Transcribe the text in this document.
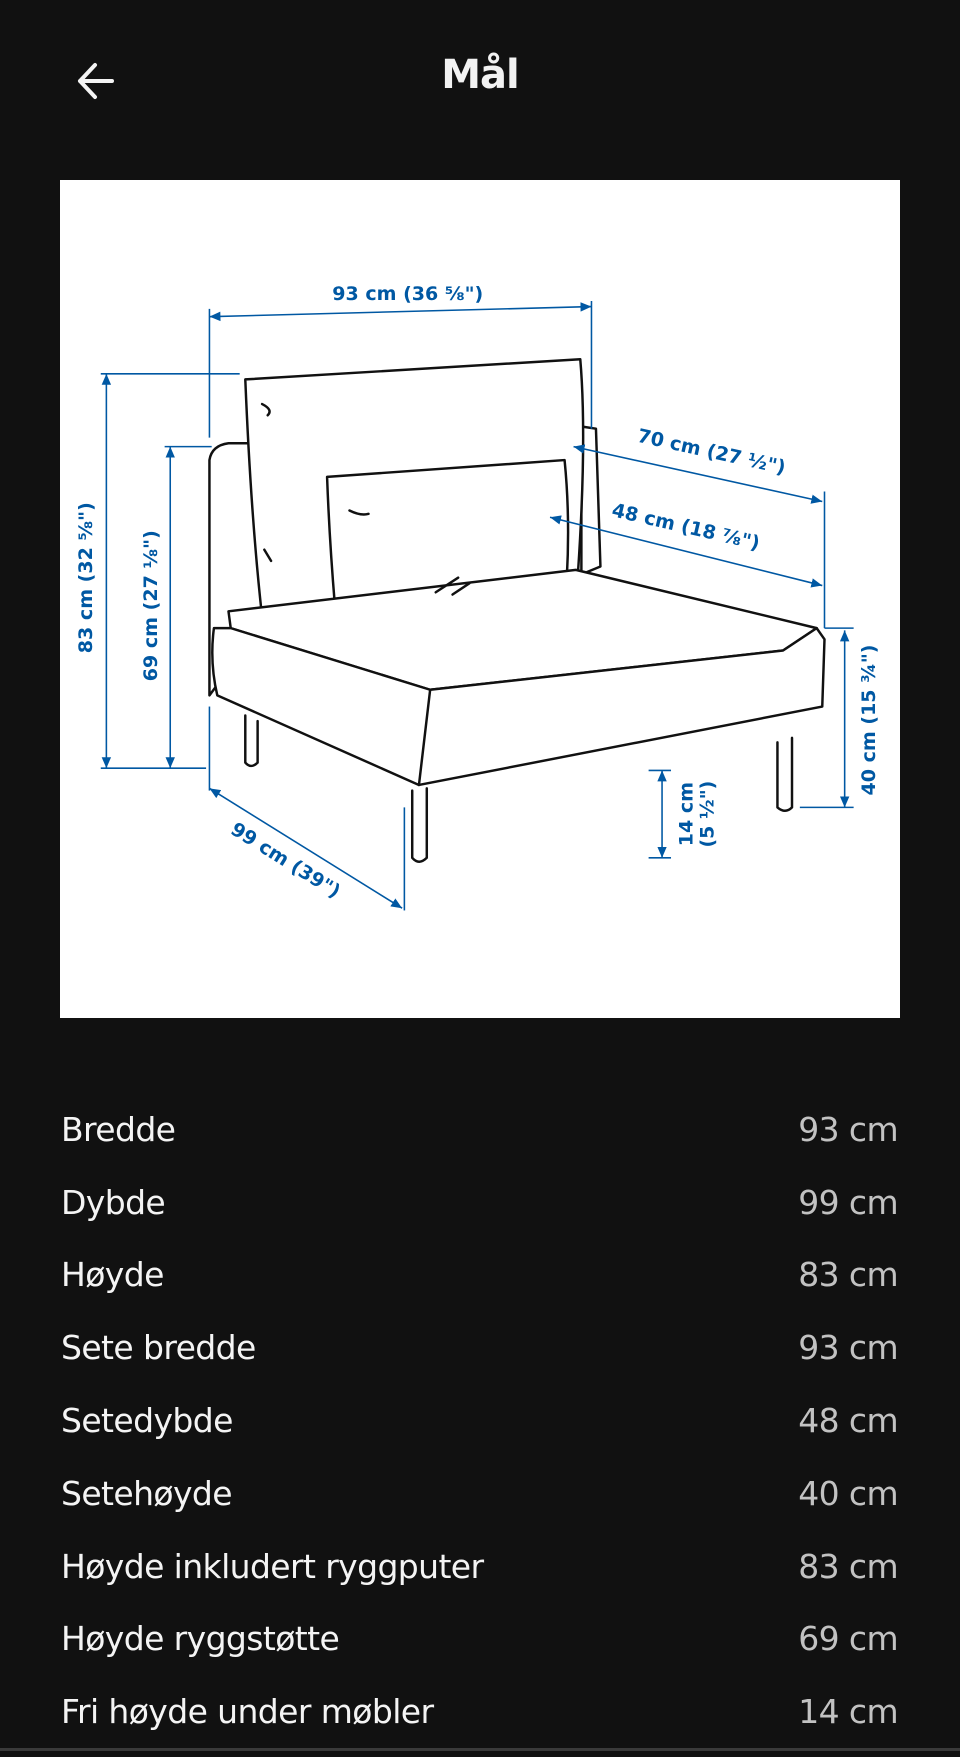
Mål
93 cm (36 ⅝")
83 cm (32 ⅝")	69 cm (27 ⅛")
70 cm (27 ½")
48 cm (18 ⅞")
40 cm (15 ¾")
14 cm (5 ½")
99 cm (39")
Bredde	93 cm
Dybde	99 cm
Høyde	83 cm
Sete bredde	93 cm
Setedybde	48 cm
Setehøyde	40 cm
Høyde inkludert ryggputer	83 cm
Høyde ryggstøtte	69 cm
Fri høyde under møbler	14 cm
